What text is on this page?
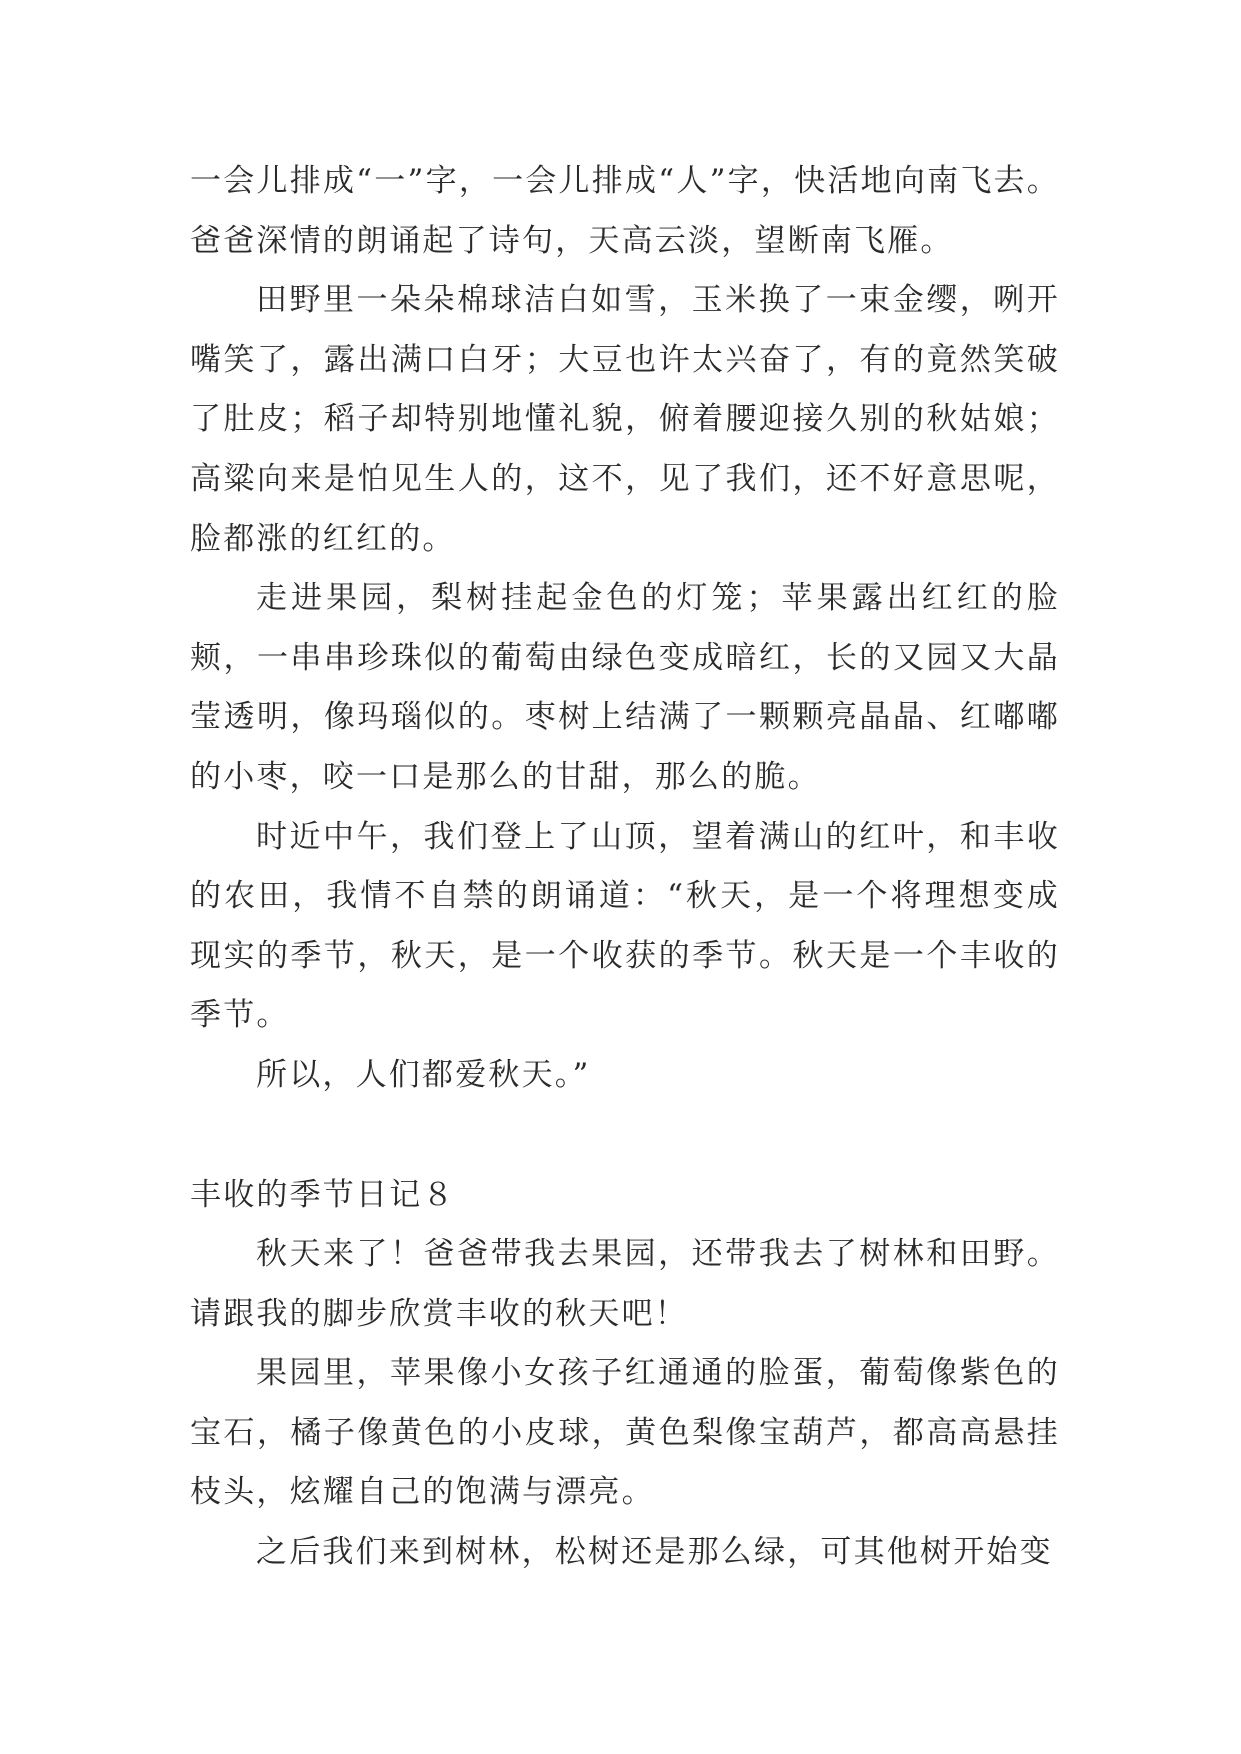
一会儿排成“一”字，一会儿排成“人”字，快活地向南飞去。爸爸深情的朗诵起了诗句，天高云淡，望断南飞雁。

田野里一朵朵棉球洁白如雪，玉米换了一束金缨，咧开嘴笑了，露出满口白牙；大豆也许太兴奋了，有的竟然笑破了肚皮；稻子却特别地懂礼貌，俯着腰迎接久别的秋姑娘；高粱向来是怕见生人的，这不，见了我们，还不好意思呢，脸都涨的红红的。

走进果园，梨树挂起金色的灯笼；苹果露出红红的脸颊，一串串珍珠似的葡萄由绿色变成暗红，长的又园又大晶莹透明，像玛瑙似的。枣树上结满了一颗颗亮晶晶、红嘟嘟的小枣，咬一口是那么的甘甜，那么的脆。

时近中午，我们登上了山顶，望着满山的红叶，和丰收的农田，我情不自禁的朗诵道：“秋天，是一个将理想变成现实的季节，秋天，是一个收获的季节。秋天是一个丰收的季节。

所以，人们都爱秋天。”

丰收的季节日记８

秋天来了！爸爸带我去果园，还带我去了树林和田野。请跟我的脚步欣赏丰收的秋天吧！

果园里，苹果像小女孩子红通通的脸蛋，葡萄像紫色的宝石，橘子像黄色的小皮球，黄色梨像宝葫芦，都高高悬挂枝头，炫耀自己的饱满与漂亮。

之后我们来到树林，松树还是那么绿，可其他树开始变
